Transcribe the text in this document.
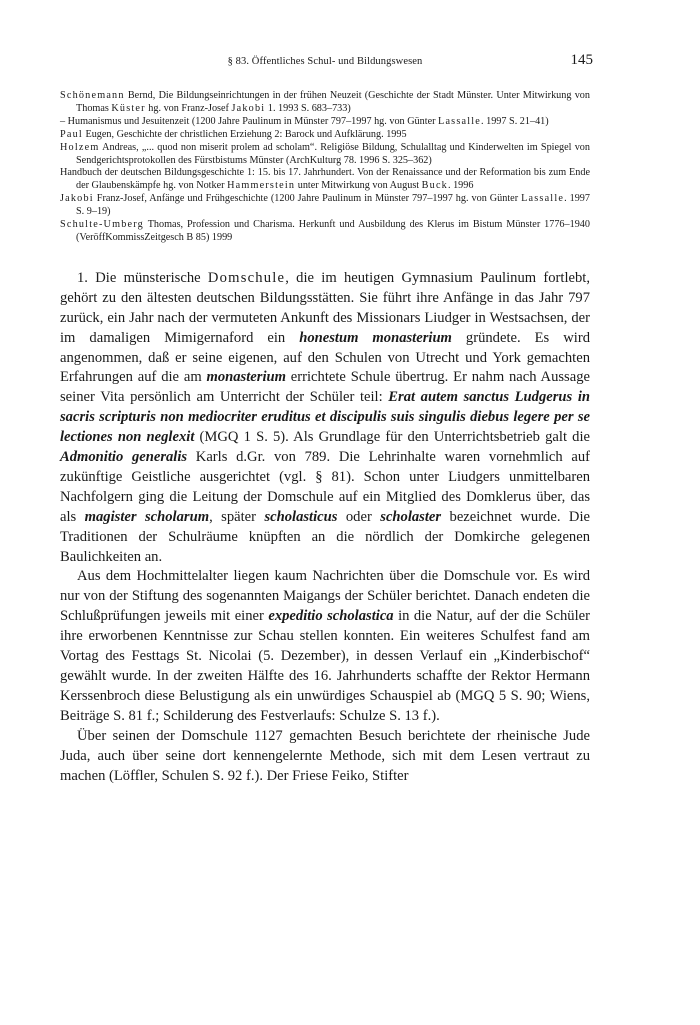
§ 83. Öffentliches Schul- und Bildungswesen	145

Schönemann Bernd, Die Bildungseinrichtungen in der frühen Neuzeit (Geschichte der Stadt Münster. Unter Mitwirkung von Thomas Küster hg. von Franz-Josef Jakobi 1. 1993 S. 683–733)

– Humanismus und Jesuitenzeit (1200 Jahre Paulinum in Münster 797–1997 hg. von Günter Lassalle. 1997 S. 21–41)

Paul Eugen, Geschichte der christlichen Erziehung 2: Barock und Aufklärung. 1995

Holzem Andreas, „... quod non miserit prolem ad scholam“. Religiöse Bildung, Schulalltag und Kinderwelten im Spiegel von Sendgerichtsprotokollen des Fürstbistums Münster (ArchKulturg 78. 1996 S. 325–362)

Handbuch der deutschen Bildungsgeschichte 1: 15. bis 17. Jahrhundert. Von der Renaissance und der Reformation bis zum Ende der Glaubenskämpfe hg. von Notker Hammerstein unter Mitwirkung von August Buck. 1996

Jakobi Franz-Josef, Anfänge und Frühgeschichte (1200 Jahre Paulinum in Münster 797–1997 hg. von Günter Lassalle. 1997 S. 9–19)

Schulte-Umberg Thomas, Profession und Charisma. Herkunft und Ausbildung des Klerus im Bistum Münster 1776–1940 (VeröffKommissZeitgesch B 85) 1999

1. Die münsterische Domschule, die im heutigen Gymnasium Paulinum fortlebt, gehört zu den ältesten deutschen Bildungsstätten. Sie führt ihre Anfänge in das Jahr 797 zurück, ein Jahr nach der vermuteten Ankunft des Missionars Liudger in Westsachsen, der im damaligen Mimigernaford ein honestum monasterium gründete. Es wird angenommen, daß er seine eigenen, auf den Schulen von Utrecht und York gemachten Erfahrungen auf die am monasterium errichtete Schule übertrug. Er nahm nach Aussage seiner Vita persönlich am Unterricht der Schüler teil: Erat autem sanctus Ludgerus in sacris scripturis non mediocriter eruditus et discipulis suis singulis diebus legere per se lectiones non neglexit (MGQ 1 S. 5). Als Grundlage für den Unterrichtsbetrieb galt die Admonitio generalis Karls d.Gr. von 789. Die Lehrinhalte waren vornehmlich auf zukünftige Geistliche ausgerichtet (vgl. § 81). Schon unter Liudgers unmittelbaren Nachfolgern ging die Leitung der Domschule auf ein Mitglied des Domklerus über, das als magister scholarum, später scholasticus oder scholaster bezeichnet wurde. Die Traditionen der Schulräume knüpften an die nördlich der Domkirche gelegenen Baulichkeiten an.

Aus dem Hochmittelalter liegen kaum Nachrichten über die Domschule vor. Es wird nur von der Stiftung des sogenannten Maigangs der Schüler berichtet. Danach endeten die Schlußprüfungen jeweils mit einer expeditio scholastica in die Natur, auf der die Schüler ihre erworbenen Kenntnisse zur Schau stellen konnten. Ein weiteres Schulfest fand am Vortag des Festtags St. Nicolai (5. Dezember), in dessen Verlauf ein „Kinderbischof“ gewählt wurde. In der zweiten Hälfte des 16. Jahrhunderts schaffte der Rektor Hermann Kerssenbroch diese Belustigung als ein unwürdiges Schauspiel ab (MGQ 5 S. 90; Wiens, Beiträge S. 81 f.; Schilderung des Festverlaufs: Schulze S. 13 f.).

Über seinen der Domschule 1127 gemachten Besuch berichtete der rheinische Jude Juda, auch über seine dort kennengelernte Methode, sich mit dem Lesen vertraut zu machen (Löffler, Schulen S. 92 f.). Der Friese Feiko, Stifter
